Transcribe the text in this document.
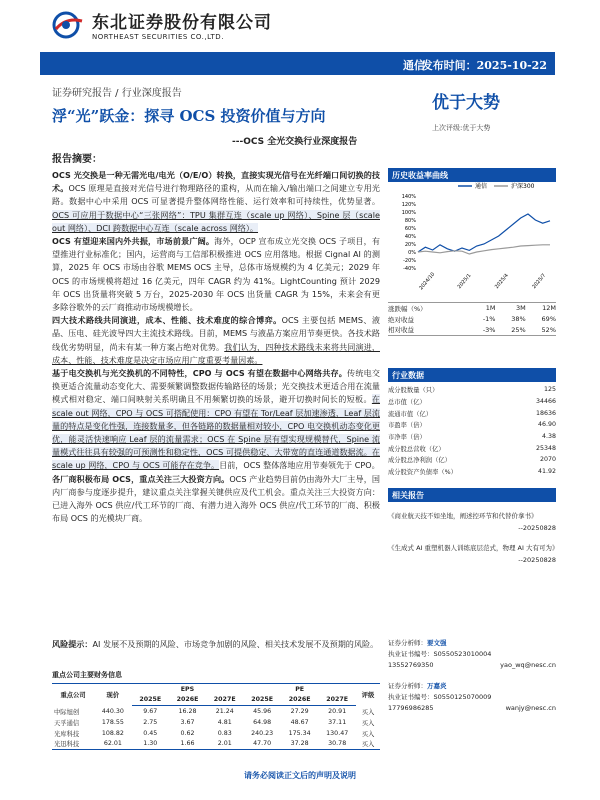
东北证券股份有限公司
NORTHEAST SECURITIES CO.,LTD.
通信
发布时间：2025-10-22
证券研究报告 / 行业深度报告
浮“光”跃金：探寻 OCS 投资价值与方向
---OCS 全光交换行业深度报告
优于大势
上次评级:优于大势
报告摘要：

OCS 光交换是一种无需光电/电光（O/E/O）转换，直接实现光信号在光纤端口间切换的技术。OCS 原理是直接对光信号进行物理路径的重构，从而在输入/输出端口之间建立专用光路。数据中心中采用 OCS 可显著提升整体网络性能、运行效率和可持续性，优势显著。OCS 可应用于数据中心“三张网络”：TPU 集群互连（scale up 网络）、Spine 层（scale out 网络）、DCI 跨数据中心互连（scale across 网络）。

OCS 有望迎来国内外共振，市场前景广阔。海外，OCP 宣布成立光交换 OCS 子项目，有望推进行业标准化；国内，运营商与工信部积极推进 OCS 应用落地。根据 Cignal AI 的测算，2025 年 OCS 市场由谷歌 MEMS OCS 主导，总体市场规模约为 4 亿美元；2029 年 OCS 的市场规模将超过 16 亿美元，四年 CAGR 约为 41%。LightCounting 预计 2029 年 OCS 出货量将突破 5 万台，2025-2030 年 OCS 出货量 CAGR 为 15%，未来会有更多除谷歌外的云厂商推动市场规模增长。

四大技术路线共同演进，成本、性能、技术难度的综合博弈。OCS 主要包括 MEMS、液晶、压电、硅光波导四大主流技术路线。目前，MEMS 与液晶方案应用节奏更快。各技术路线优劣势明显，尚未有某一种方案占绝对优势。我们认为，四种技术路线未来将共同演进，成本、性能、技术难度是决定市场应用广度重要考量因素。

基于电交换机与光交换机的不同特性，CPO 与 OCS 有望在数据中心网络共存。传统电交换更适合流量动态变化大、需要频繁调整数据传输路径的场景；光交换技术更适合用在流量模式相对稳定、端口间映射关系明确且不用频繁切换的场景，避开切换时间长的短板。在 scale out 网络，CPO 与 OCS 可搭配使用：CPO 有望在 Tor/Leaf 层加速渗透，Leaf 层流量的特点是变化性强，连接数量多，但各链路的数据量相对较小，CPO 电交换机动态变化更优，能灵活快速响应 Leaf 层的流量需求；OCS 在 Spine 层有望实现规模替代，Spine 流量模式往往具有较强的可预测性和稳定性，OCS 可提供稳定、大带宽的直连通道数据流。在 scale up 网络，CPO 与 OCS 可能存在竞争。目前，OCS 整体落地应用节奏领先于 CPO。

各厂商积极布局 OCS，重点关注三大投资方向。OCS 产业趋势目前仍由海外大厂主导，国内厂商参与度逐步提升，建议重点关注掌握关键供应及代工机会。重点关注三大投资方向：已进入海外 OCS 供应/代工环节的厂商、有潜力进入海外 OCS 供应/代工环节的厂商、积极布局 OCS 的光模块厂商。

风险提示：AI 发展不及预期的风险、市场竞争加剧的风险、相关技术发展不及预期的风险。
重点公司主要财务信息
重点公司	现价	EPS			PE			评级
		2025E	2026E	2027E	2025E	2026E	2027E	
中际旭创	440.30	9.67	16.28	21.24	45.96	27.29	20.91	买入
天孚通信	178.55	2.75	3.67	4.81	64.98	48.67	37.11	买入
光库科技	108.82	0.45	0.62	0.83	240.23	175.34	130.47	买入
光迅科技	62.01	1.30	1.66	2.01	47.70	37.28	30.78	买入
请务必阅读正文后的声明及说明
历史收益率曲线
通信	沪深300
140%
120%
100%
80%
60%
40%
20%
0%
-20%
-40%
2024/10	2025/1	2025/4	2025/7
涨跌幅（%）	1M	3M	12M
绝对收益	-1%	38%	69%
相对收益	-3%	25%	52%
行业数据
成分股数量（只）	125
总市值（亿）	34466
流通市值（亿）	18636
市盈率（倍）	46.90
市净率（倍）	4.38
成分股总营收（亿）	25348
成分股总净利润（亿）	2070
成分股资产负债率（%）	41.92
相关报告
《商业航天技不如坐地，阐述控环节和代替价拿书》
--20250828
《生成式 AI 重塑机器人训练底层范式，物理 AI 大有可为》
--20250828
证券分析师：要文强
执业证书编号：S0550523010004
13552769350	yao_wq@nesc.cn
证券分析师：万嘉炎
执业证书编号：S0550125070009
17796986285	wanjy@nesc.cn
